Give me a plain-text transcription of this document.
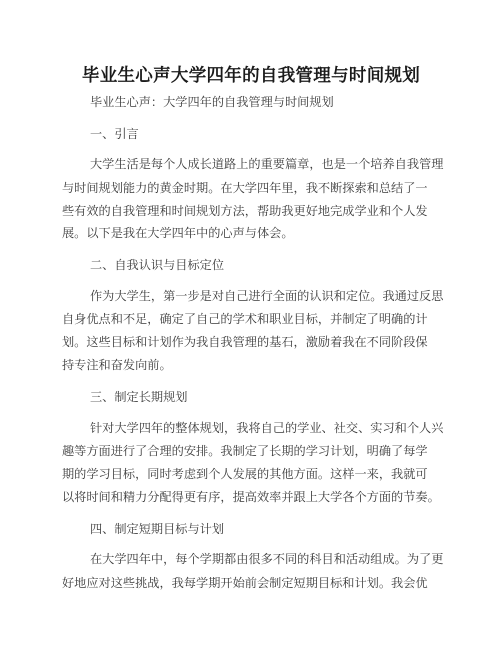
毕业生心声大学四年的自我管理与时间规划
毕业生心声：大学四年的自我管理与时间规划
一、引言
大学生活是每个人成长道路上的重要篇章，也是一个培养自我管理
与时间规划能力的黄金时期。在大学四年里，我不断探索和总结了一
些有效的自我管理和时间规划方法，帮助我更好地完成学业和个人发
展。以下是我在大学四年中的心声与体会。
二、自我认识与目标定位
作为大学生，第一步是对自己进行全面的认识和定位。我通过反思
自身优点和不足，确定了自己的学术和职业目标，并制定了明确的计
划。这些目标和计划作为我自我管理的基石，激励着我在不同阶段保
持专注和奋发向前。
三、制定长期规划
针对大学四年的整体规划，我将自己的学业、社交、实习和个人兴
趣等方面进行了合理的安排。我制定了长期的学习计划，明确了每学
期的学习目标，同时考虑到个人发展的其他方面。这样一来，我就可
以将时间和精力分配得更有序，提高效率并跟上大学各个方面的节奏。
四、制定短期目标与计划
在大学四年中，每个学期都由很多不同的科目和活动组成。为了更
好地应对这些挑战，我每学期开始前会制定短期目标和计划。我会优
